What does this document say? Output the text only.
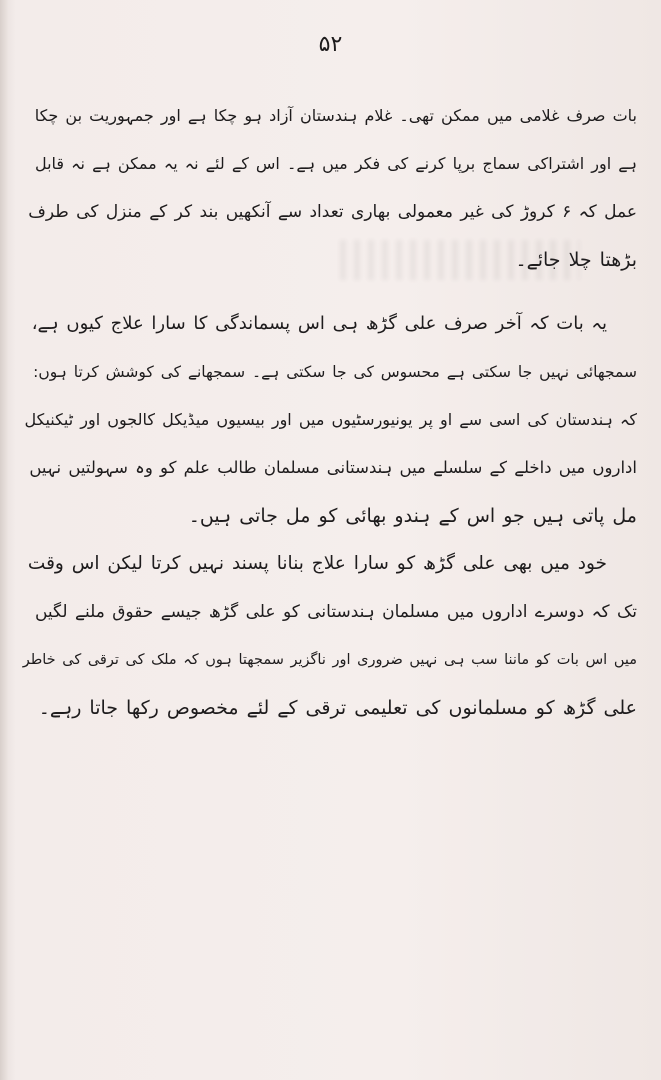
۵۲
بات صرف غلامی میں ممکن تھی۔ غلام ہندستان آزاد ہو چکا ہے اور جمہوریت بن چکا
ہے اور اشتراکی سماج برپا کرنے کی فکر میں ہے۔ اس کے لئے نہ یہ ممکن ہے نہ قابل
عمل کہ ۶ کروڑ کی غیر معمولی بھاری تعداد سے آنکھیں بند کر کے منزل کی طرف
بڑھتا چلا جائے۔
یہ بات کہ آخر صرف علی گڑھ ہی اس پسماندگی کا سارا علاج کیوں ہے،
سمجھائی نہیں جا سکتی ہے محسوس کی جا سکتی ہے۔ سمجھانے کی کوشش کرتا ہوں:
کہ ہندستان کی اسی سے او پر یونیورسٹیوں میں اور بیسیوں میڈیکل کالجوں اور ٹیکنیکل
اداروں میں داخلے کے سلسلے میں ہندستانی مسلمان طالب علم کو وہ سہولتیں نہیں
مل پاتی ہیں جو اس کے ہندو بھائی کو مل جاتی ہیں۔
خود میں بھی علی گڑھ کو سارا علاج بنانا پسند نہیں کرتا لیکن اس وقت
تک کہ دوسرے اداروں میں مسلمان ہندستانی کو علی گڑھ جیسے حقوق ملنے لگیں
میں اس بات کو ماننا سب ہی نہیں ضروری اور ناگزیر سمجھتا ہوں کہ ملک کی ترقی کی خاطر
علی گڑھ کو مسلمانوں کی تعلیمی ترقی کے لئے مخصوص رکھا جاتا رہے۔
